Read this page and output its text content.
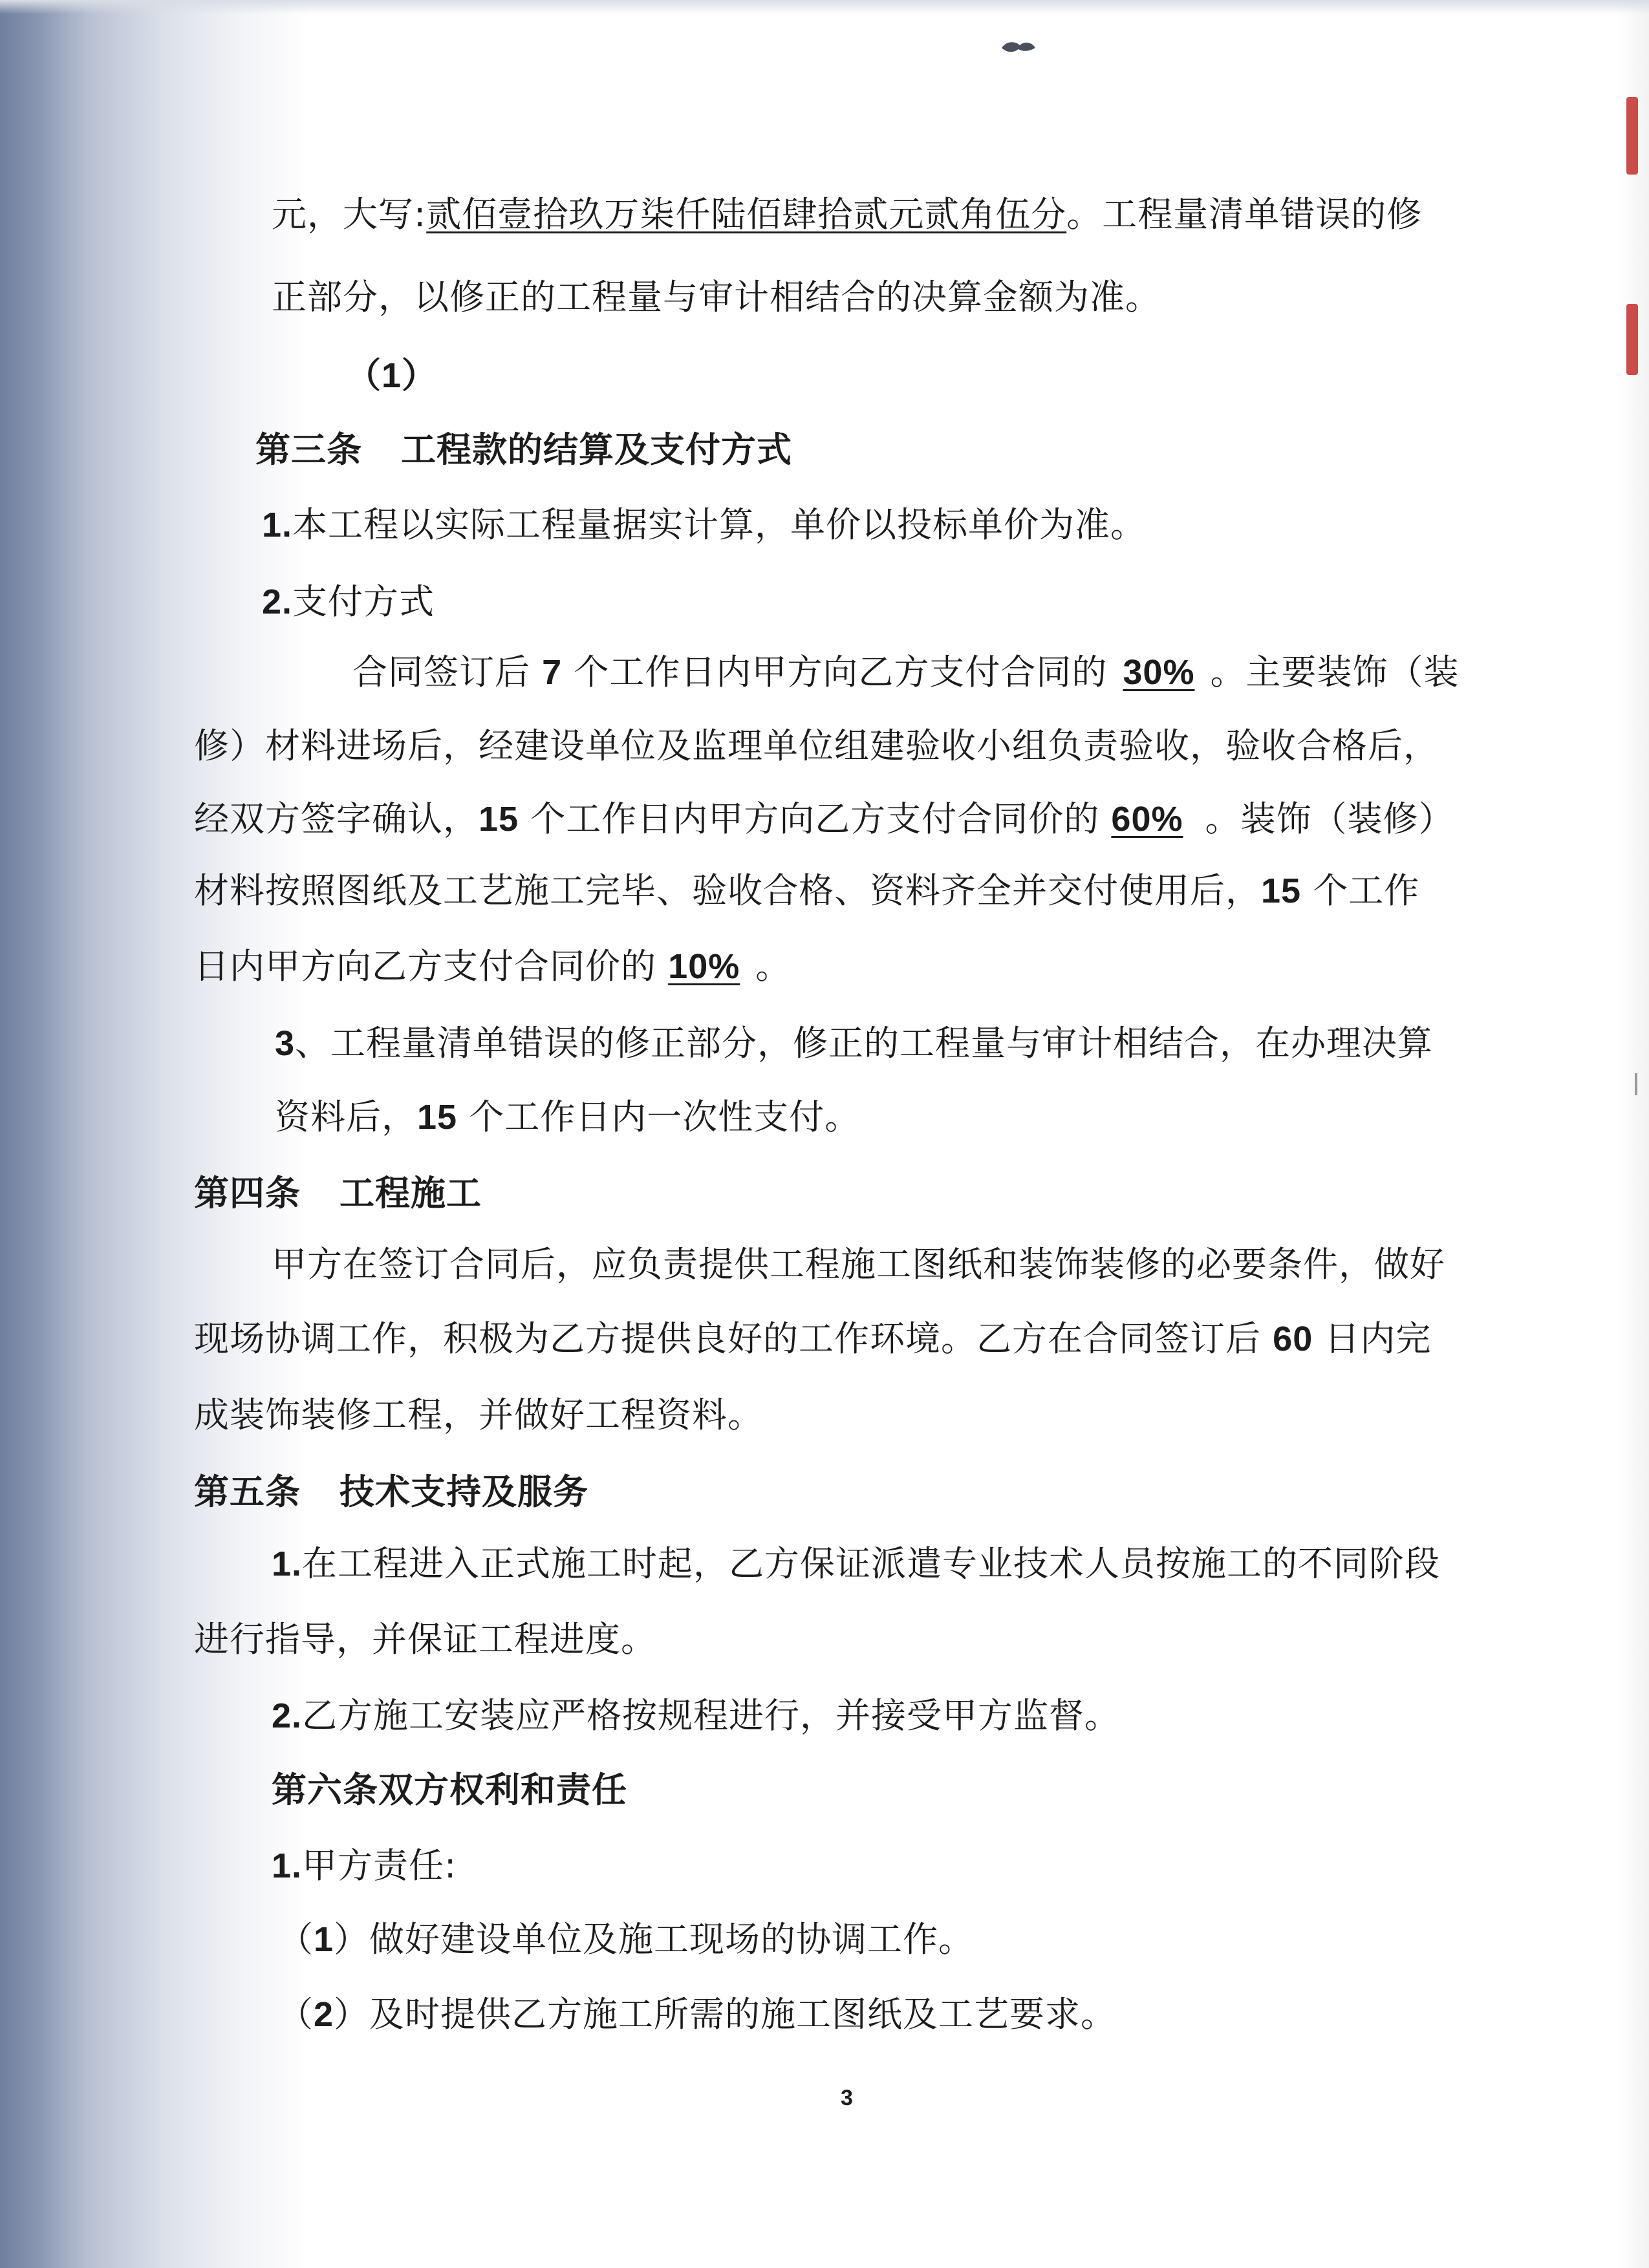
元，大写:贰佰壹拾玖万柒仟陆佰肆拾贰元贰角伍分。工程量清单错误的修
正部分，以修正的工程量与审计相结合的决算金额为准。
（1）
第三条 工程款的结算及支付方式
1.本工程以实际工程量据实计算，单价以投标单价为准。
2.支付方式
合同签订后 7 个工作日内甲方向乙方支付合同的 30% 。主要装饰（装
修）材料进场后，经建设单位及监理单位组建验收小组负责验收，验收合格后，
经双方签字确认，15 个工作日内甲方向乙方支付合同价的 60% 。装饰（装修）
材料按照图纸及工艺施工完毕、验收合格、资料齐全并交付使用后，15 个工作
日内甲方向乙方支付合同价的 10% 。
3、工程量清单错误的修正部分，修正的工程量与审计相结合，在办理决算
资料后，15 个工作日内一次性支付。
第四条 工程施工
甲方在签订合同后，应负责提供工程施工图纸和装饰装修的必要条件，做好
现场协调工作，积极为乙方提供良好的工作环境。乙方在合同签订后 60 日内完
成装饰装修工程，并做好工程资料。
第五条 技术支持及服务
1.在工程进入正式施工时起，乙方保证派遣专业技术人员按施工的不同阶段
进行指导，并保证工程进度。
2.乙方施工安装应严格按规程进行，并接受甲方监督。
第六条双方权利和责任
1.甲方责任:
（1）做好建设单位及施工现场的协调工作。
（2）及时提供乙方施工所需的施工图纸及工艺要求。
3
